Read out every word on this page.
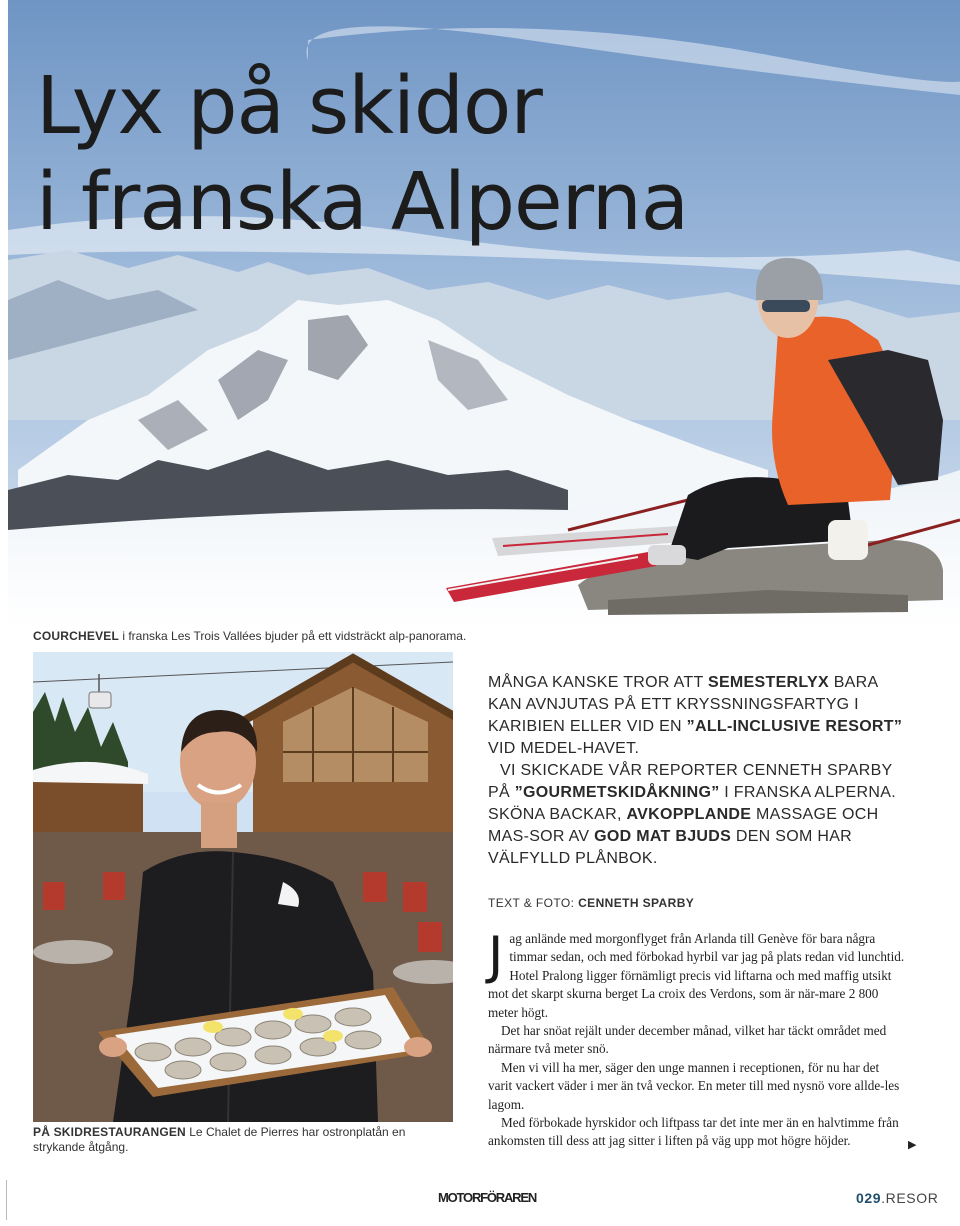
Lyx på skidor
i franska Alperna
COURCHEVEL i franska Les Trois Vallées bjuder på ett vidsträckt alp-panorama.
PÅ SKIDRESTAURANGEN Le Chalet de Pierres har ostronplatån en strykande åtgång.

MÅNGA KANSKE TROR ATT SEMESTERLYX BARA KAN AVNJUTAS PÅ ETT KRYSSNINGSFARTYG I KARIBIEN ELLER VID EN ”ALL-INCLUSIVE RESORT” VID MEDEL-HAVET.

VI SKICKADE VÅR REPORTER CENNETH SPARBY PÅ ”GOURMETSKIDÅKNING” I FRANSKA ALPERNA. SKÖNA BACKAR, AVKOPPLANDE MASSAGE OCH MAS-SOR AV GOD MAT BJUDS DEN SOM HAR VÄLFYLLD PLÅNBOK.

TEXT & FOTO: CENNETH SPARBY

Jag anlände med morgonflyget från Arlanda till Genève för bara några timmar sedan, och med förbokad hyrbil var jag på plats redan vid lunchtid. Hotel Pralong ligger förnämligt precis vid liftarna och med maffig utsikt mot det skarpt skurna berget La croix des Verdons, som är när-mare 2 800 meter högt.

Det har snöat rejält under december månad, vilket har täckt området med närmare två meter snö.

Men vi vill ha mer, säger den unge mannen i receptionen, för nu har det varit vackert väder i mer än två veckor. En meter till med nysnö vore allde-les lagom.

Med förbokade hyrskidor och liftpass tar det inte mer än en halvtimme från ankomsten till dess att jag sitter i liften på väg upp mot högre höjder.	▶
MOTORFÖRAREN	029.RESOR
